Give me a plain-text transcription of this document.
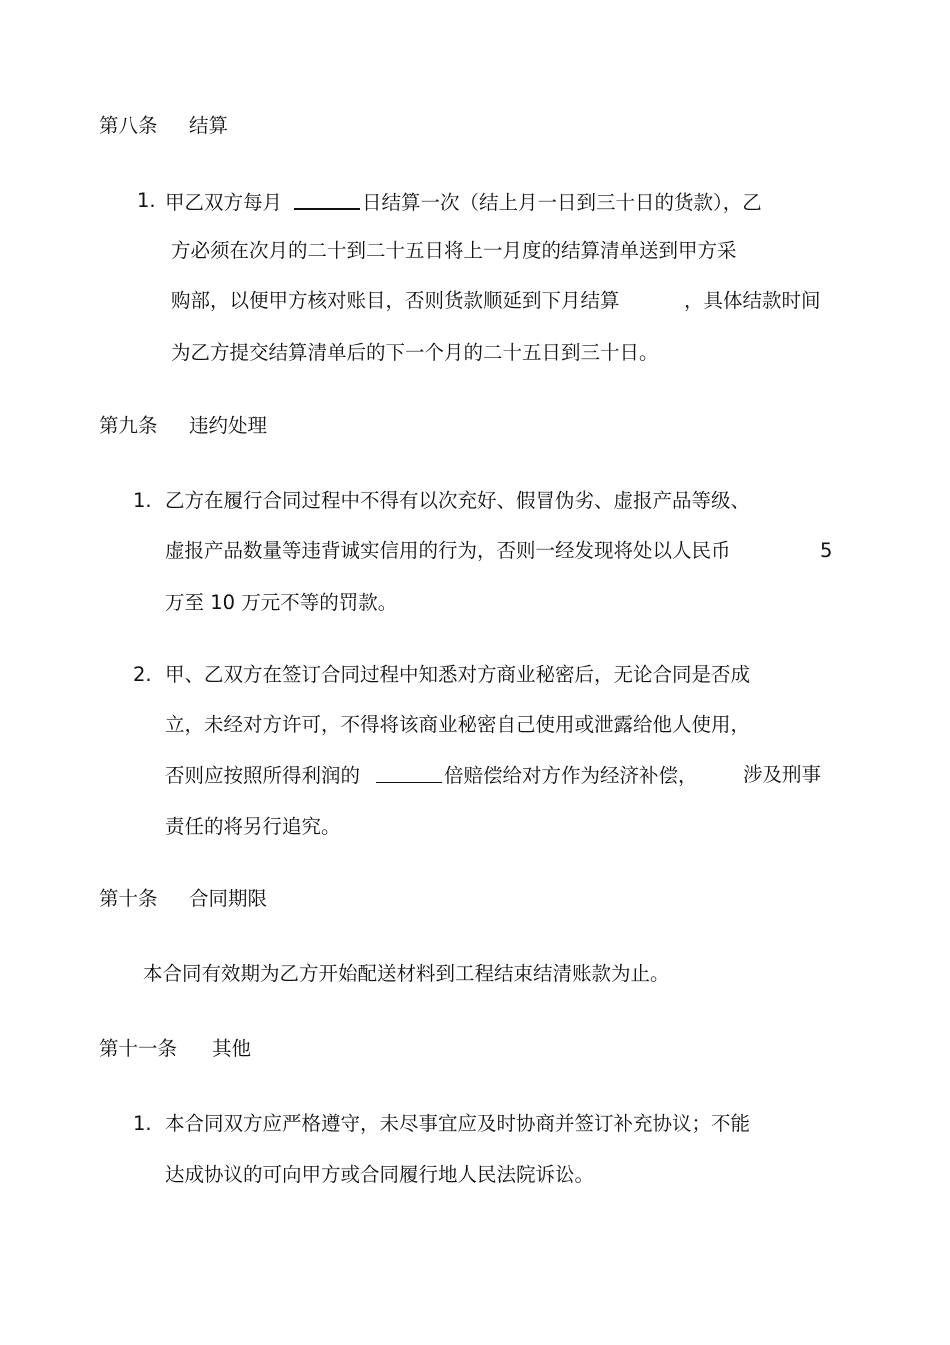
第八条 结算
1. 甲乙双方每月	日结算一次（结上月一日到三十日的货款），乙
方必须在次月的二十到二十五日将上一月度的结算清单送到甲方采
购部，以便甲方核对账目，否则货款顺延到下月结算	，具体结款时间
为乙方提交结算清单后的下一个月的二十五日到三十日。
第九条 违约处理
1. 乙方在履行合同过程中不得有以次充好、假冒伪劣、虚报产品等级、
虚报产品数量等违背诚实信用的行为，否则一经发现将处以人民币	5
万至 10 万元不等的罚款。
2. 甲、乙双方在签订合同过程中知悉对方商业秘密后，无论合同是否成
立，未经对方许可，不得将该商业秘密自己使用或泄露给他人使用，
否则应按照所得利润的	倍赔偿给对方作为经济补偿， 涉及刑事
责任的将另行追究。
第十条 合同期限
本合同有效期为乙方开始配送材料到工程结束结清账款为止。
第十一条 其他
1. 本合同双方应严格遵守，未尽事宜应及时协商并签订补充协议；不能
达成协议的可向甲方或合同履行地人民法院诉讼。
